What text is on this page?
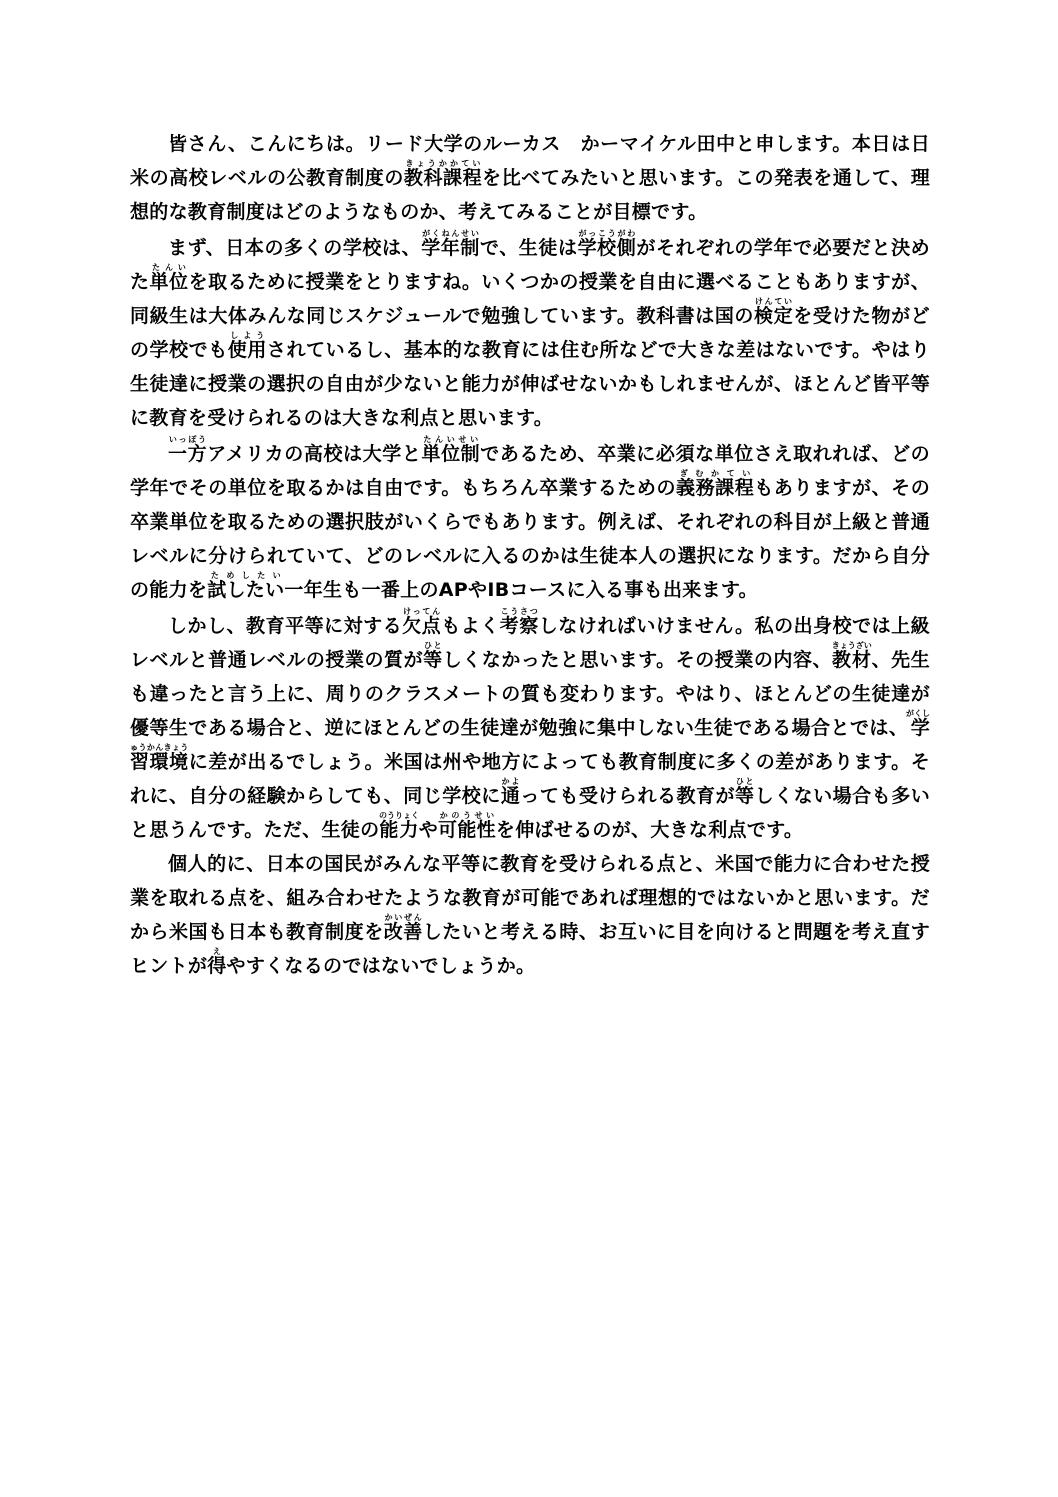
皆さん、こんにちは。リード大学のルーカス　かーマイケル田中と申します。本日は日米の高校レベルの公教育制度の教科課程きょうかかていを比べてみたいと思います。この発表を通して、理想的な教育制度はどのようなものか、考えてみることが目標です。

まず、日本の多くの学校は、学年制がくねんせいで、生徒は学校側がっこうがわがそれぞれの学年で必要だと決めた単位たんいを取るために授業をとりますね。いくつかの授業を自由に選べることもありますが、同級生は大体みんな同じスケジュールで勉強しています。教科書は国の検定けんていを受けた物がどの学校でも使用しようされているし、基本的な教育には住む所などで大きな差はないです。やはり生徒達に授業の選択の自由が少ないと能力が伸ばせないかもしれませんが、ほとんど皆平等に教育を受けられるのは大きな利点と思います。

一方いっぽうアメリカの高校は大学と単位制たんいせいであるため、卒業に必須な単位さえ取れれば、どの学年でその単位を取るかは自由です。もちろん卒業するための義務課程ぎむかていもありますが、その卒業単位を取るための選択肢がいくらでもあります。例えば、それぞれの科目が上級と普通レベルに分けられていて、どのレベルに入るのかは生徒本人の選択になります。だから自分の能力を試したいためしたい一年生も一番上のAPやIBコースに入る事も出来ます。

しかし、教育平等に対する欠点けってんもよく考察こうさつしなければいけません。私の出身校では上級レベルと普通レベルの授業の質が等ひとしくなかったと思います。その授業の内容、教材きょうざい、先生も違ったと言う上に、周りのクラスメートの質も変わります。やはり、ほとんどの生徒達が優等生である場合と、逆にほとんどの生徒達が勉強に集中しない生徒である場合とでは、学習環境がくしゅうかんきょうに差が出るでしょう。米国は州や地方によっても教育制度に多くの差があります。それに、自分の経験からしても、同じ学校に通かよっても受けられる教育が等ひとしくない場合も多いと思うんです。ただ、生徒の能力のうりょくや可能性かのうせいを伸ばせるのが、大きな利点です。

個人的に、日本の国民がみんな平等に教育を受けられる点と、米国で能力に合わせた授業を取れる点を、組み合わせたような教育が可能であれば理想的ではないかと思います。だから米国も日本も教育制度を改善かいぜんしたいと考える時、お互いに目を向けると問題を考え直すヒントが得えやすくなるのではないでしょうか。
